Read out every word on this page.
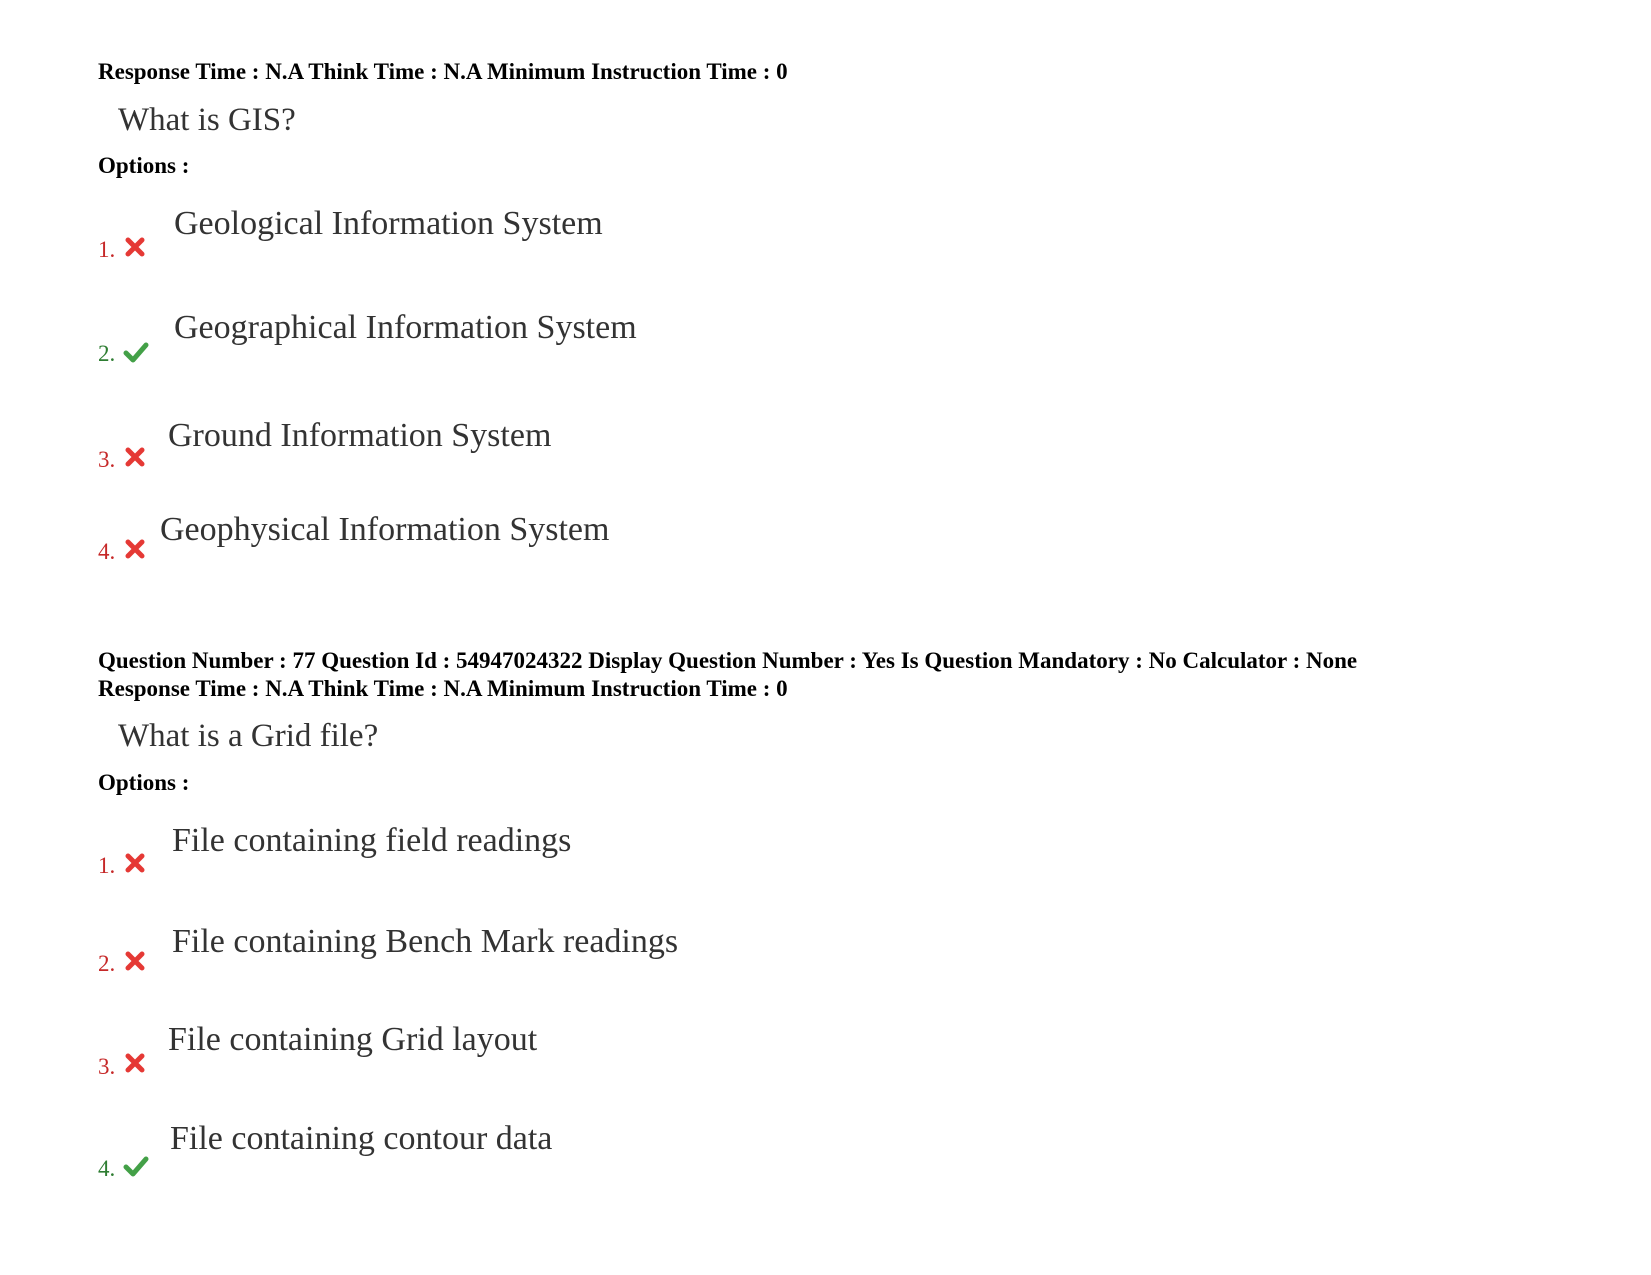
Response Time : N.A Think Time : N.A Minimum Instruction Time : 0
What is GIS?
Options :
1.
Geological Information System
2.
Geographical Information System
3.
Ground Information System
4.
Geophysical Information System
Question Number : 77 Question Id : 54947024322 Display Question Number : Yes Is Question Mandatory : No Calculator : None
Response Time : N.A Think Time : N.A Minimum Instruction Time : 0
What is a Grid file?
Options :
1.
File containing field readings
2.
File containing Bench Mark readings
3.
File containing Grid layout
4.
File containing contour data
